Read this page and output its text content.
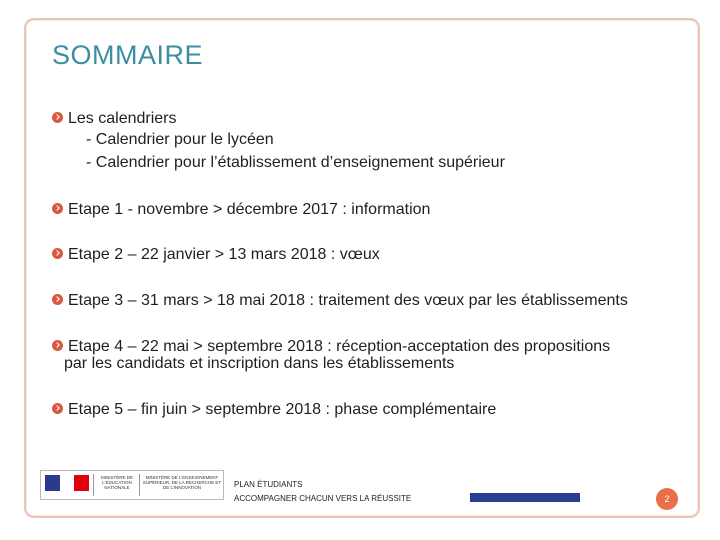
SOMMAIRE
Les calendriers
- Calendrier pour le lycéen
- Calendrier pour l’établissement d’enseignement supérieur
Etape 1 - novembre > décembre 2017 : information
Etape 2 – 22 janvier > 13 mars 2018 : vœux
Etape 3 – 31 mars > 18 mai 2018 : traitement des vœux par les établissements
Etape 4 – 22 mai > septembre 2018 : réception-acceptation des propositions
par les candidats et inscription dans les établissements
Etape 5 – fin juin > septembre 2018 : phase complémentaire
MINISTÈRE DE L’ÉDUCATION NATIONALE
MINISTÈRE DE L’ENSEIGNEMENT SUPÉRIEUR, DE LA RECHERCHE ET DE L’INNOVATION	PLAN ÉTUDIANTS
ACCOMPAGNER CHACUN VERS LA RÉUSSITE	2
